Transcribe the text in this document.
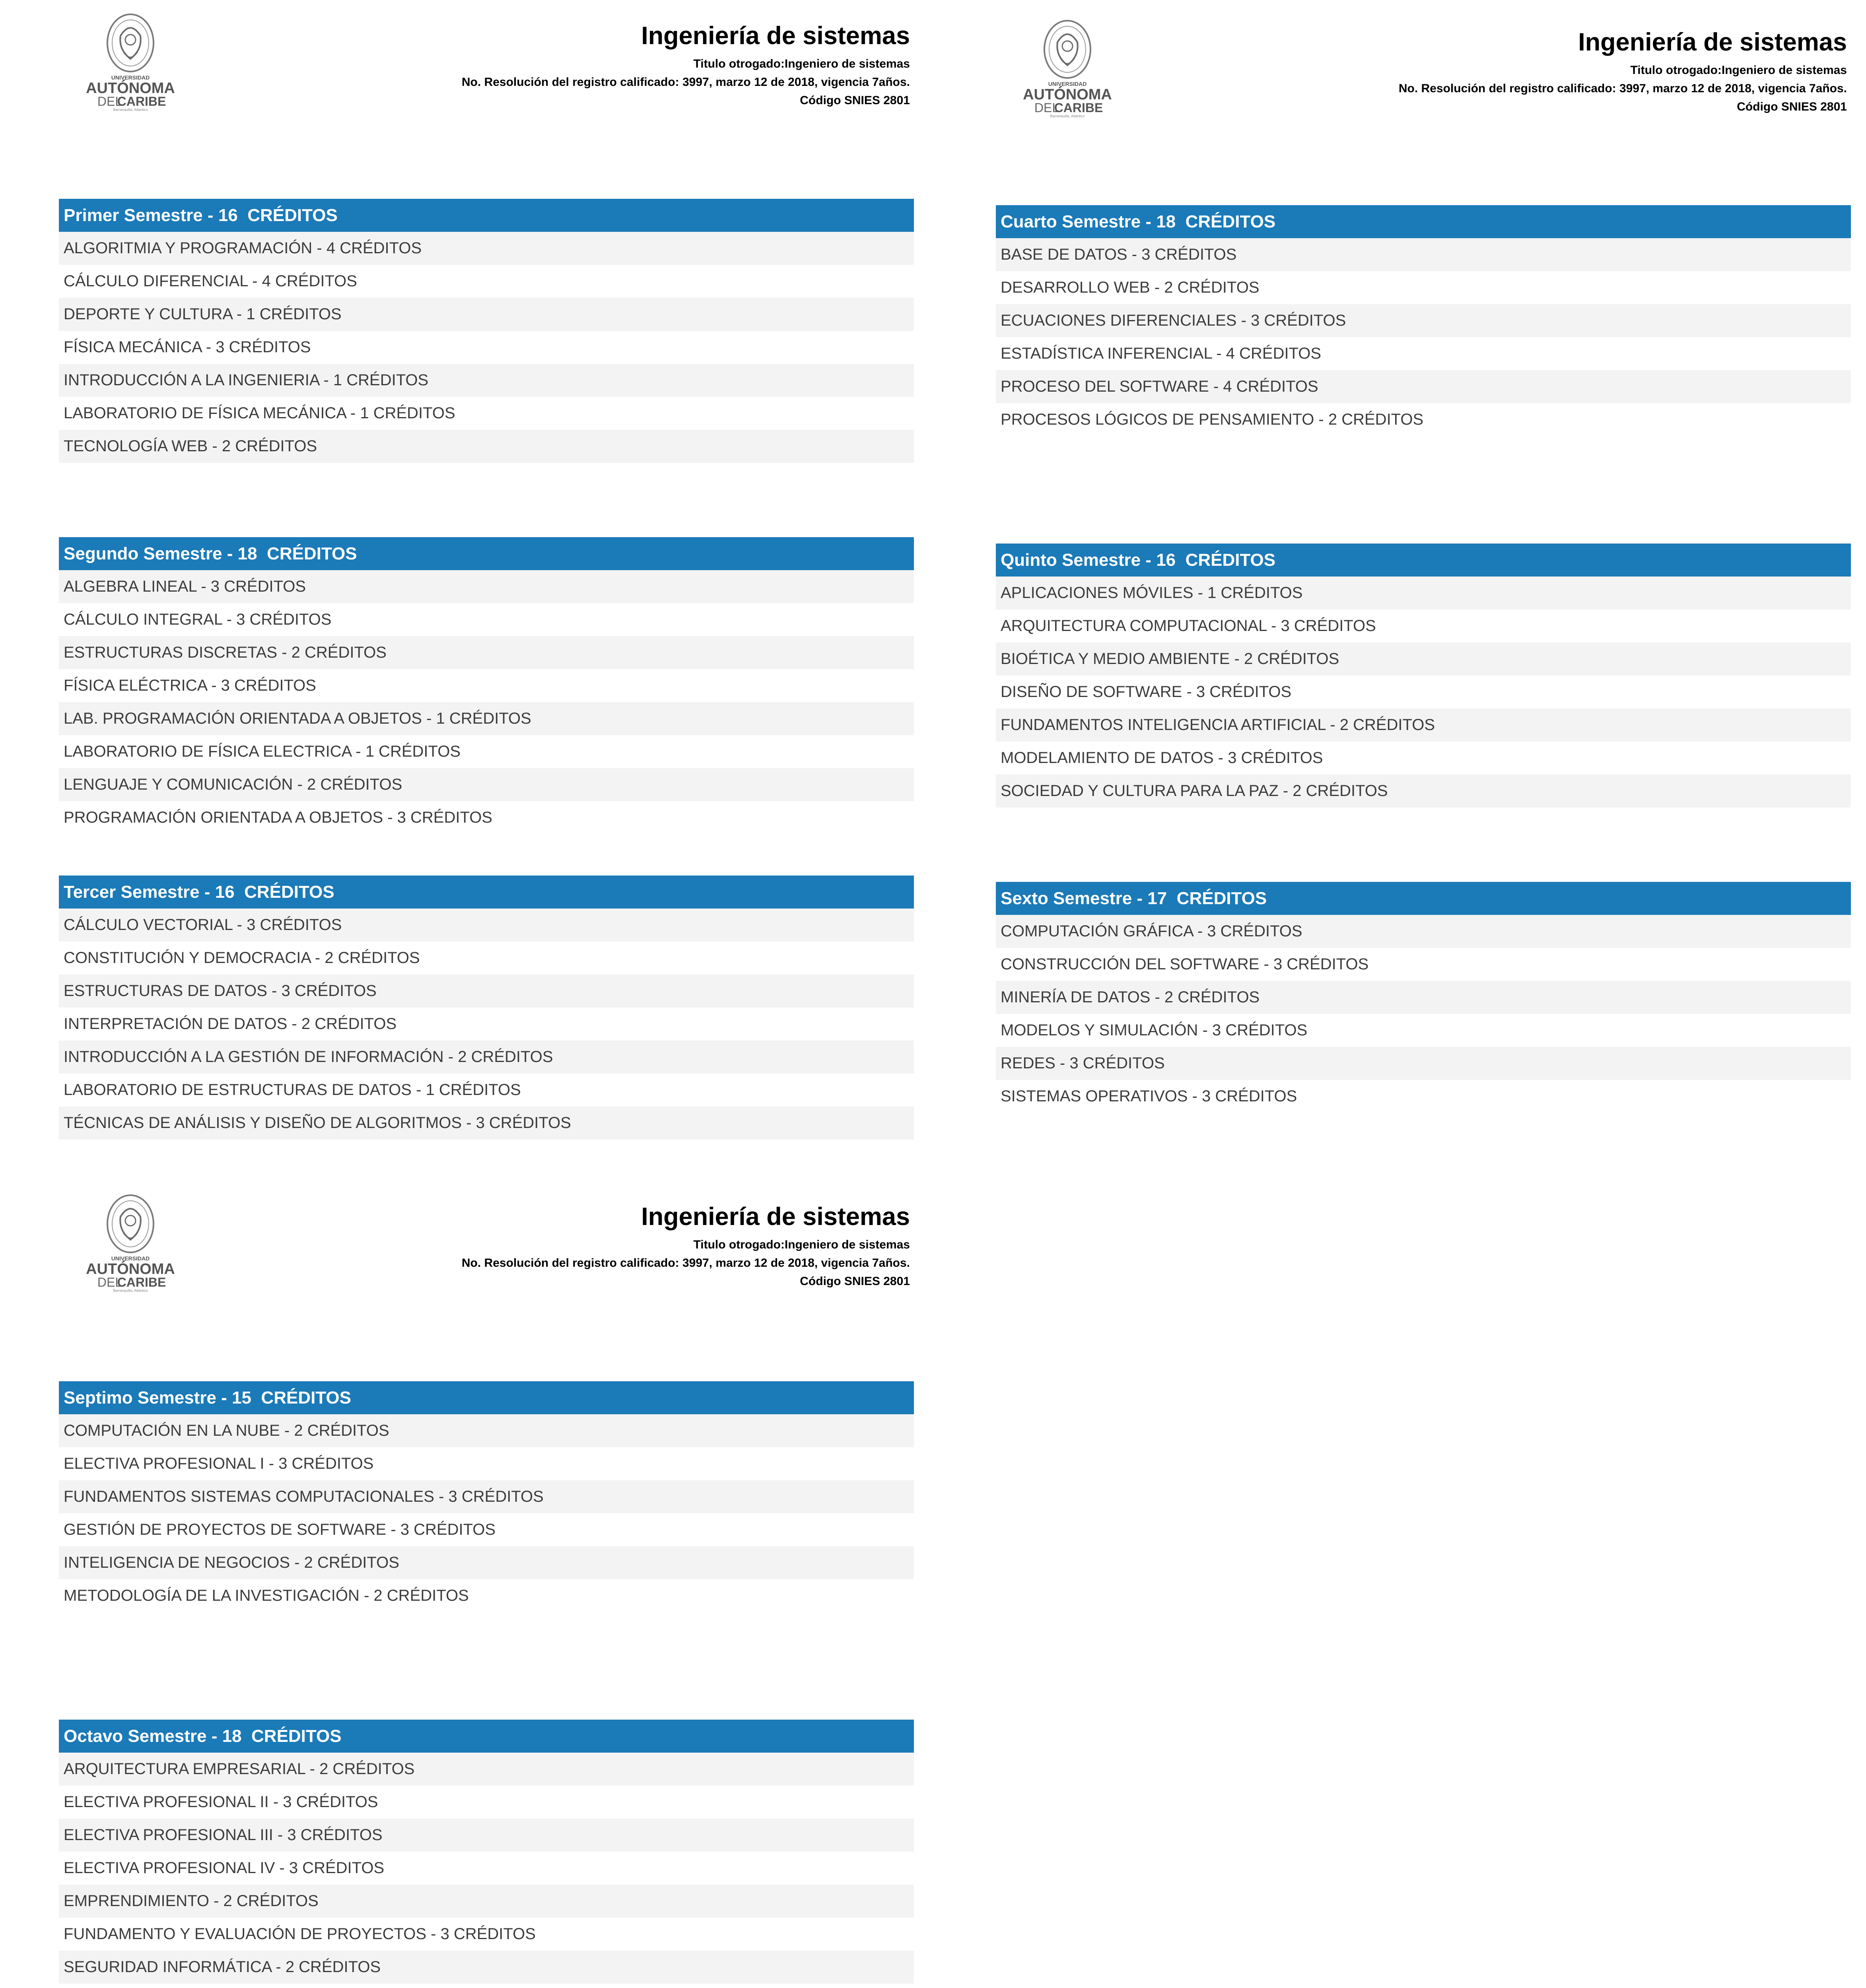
UNIVERSIDAD
AUTÓNOMA
DEL
CARIBE
Barranquilla, Atlántico
Ingeniería de sistemas
Titulo otrogado:Ingeniero de sistemas
No. Resolución del registro calificado: 3997, marzo 12 de 2018, vigencia 7años.
Código SNIES 2801
Primer Semestre - 16  CRÉDITOS
ALGORITMIA Y PROGRAMACIÓN - 4 CRÉDITOS
CÁLCULO DIFERENCIAL - 4 CRÉDITOS
DEPORTE Y CULTURA - 1 CRÉDITOS
FÍSICA MECÁNICA - 3 CRÉDITOS
INTRODUCCIÓN A LA INGENIERIA - 1 CRÉDITOS
LABORATORIO DE FÍSICA MECÁNICA - 1 CRÉDITOS
TECNOLOGÍA WEB - 2 CRÉDITOS
Segundo Semestre - 18  CRÉDITOS
ALGEBRA LINEAL - 3 CRÉDITOS
CÁLCULO INTEGRAL - 3 CRÉDITOS
ESTRUCTURAS DISCRETAS - 2 CRÉDITOS
FÍSICA ELÉCTRICA - 3 CRÉDITOS
LAB. PROGRAMACIÓN ORIENTADA A OBJETOS - 1 CRÉDITOS
LABORATORIO DE FÍSICA ELECTRICA - 1 CRÉDITOS
LENGUAJE Y COMUNICACIÓN - 2 CRÉDITOS
PROGRAMACIÓN ORIENTADA A OBJETOS - 3 CRÉDITOS
Tercer Semestre - 16  CRÉDITOS
CÁLCULO VECTORIAL - 3 CRÉDITOS
CONSTITUCIÓN Y DEMOCRACIA - 2 CRÉDITOS
ESTRUCTURAS DE DATOS - 3 CRÉDITOS
INTERPRETACIÓN DE DATOS - 2 CRÉDITOS
INTRODUCCIÓN A LA GESTIÓN DE INFORMACIÓN - 2 CRÉDITOS
LABORATORIO DE ESTRUCTURAS DE DATOS - 1 CRÉDITOS
TÉCNICAS DE ANÁLISIS Y DISEÑO DE ALGORITMOS - 3 CRÉDITOS
UNIVERSIDAD
AUTÓNOMA
DEL
CARIBE
Barranquilla, Atlántico
Ingeniería de sistemas
Titulo otrogado:Ingeniero de sistemas
No. Resolución del registro calificado: 3997, marzo 12 de 2018, vigencia 7años.
Código SNIES 2801
Cuarto Semestre - 18  CRÉDITOS
BASE DE DATOS - 3 CRÉDITOS
DESARROLLO WEB - 2 CRÉDITOS
ECUACIONES DIFERENCIALES - 3 CRÉDITOS
ESTADÍSTICA INFERENCIAL - 4 CRÉDITOS
PROCESO DEL SOFTWARE - 4 CRÉDITOS
PROCESOS LÓGICOS DE PENSAMIENTO - 2 CRÉDITOS
Quinto Semestre - 16  CRÉDITOS
APLICACIONES MÓVILES - 1 CRÉDITOS
ARQUITECTURA COMPUTACIONAL - 3 CRÉDITOS
BIOÉTICA Y MEDIO AMBIENTE - 2 CRÉDITOS
DISEÑO DE SOFTWARE - 3 CRÉDITOS
FUNDAMENTOS INTELIGENCIA ARTIFICIAL - 2 CRÉDITOS
MODELAMIENTO DE DATOS - 3 CRÉDITOS
SOCIEDAD Y CULTURA PARA LA PAZ - 2 CRÉDITOS
Sexto Semestre - 17  CRÉDITOS
COMPUTACIÓN GRÁFICA - 3 CRÉDITOS
CONSTRUCCIÓN DEL SOFTWARE - 3 CRÉDITOS
MINERÍA DE DATOS - 2 CRÉDITOS
MODELOS Y SIMULACIÓN - 3 CRÉDITOS
REDES - 3 CRÉDITOS
SISTEMAS OPERATIVOS - 3 CRÉDITOS
UNIVERSIDAD
AUTÓNOMA
DEL
CARIBE
Barranquilla, Atlántico
Ingeniería de sistemas
Titulo otrogado:Ingeniero de sistemas
No. Resolución del registro calificado: 3997, marzo 12 de 2018, vigencia 7años.
Código SNIES 2801
Septimo Semestre - 15  CRÉDITOS
COMPUTACIÓN EN LA NUBE - 2 CRÉDITOS
ELECTIVA PROFESIONAL I - 3 CRÉDITOS
FUNDAMENTOS SISTEMAS COMPUTACIONALES - 3 CRÉDITOS
GESTIÓN DE PROYECTOS DE SOFTWARE - 3 CRÉDITOS
INTELIGENCIA DE NEGOCIOS - 2 CRÉDITOS
METODOLOGÍA DE LA INVESTIGACIÓN - 2 CRÉDITOS
Octavo Semestre - 18  CRÉDITOS
ARQUITECTURA EMPRESARIAL - 2 CRÉDITOS
ELECTIVA PROFESIONAL II - 3 CRÉDITOS
ELECTIVA PROFESIONAL III - 3 CRÉDITOS
ELECTIVA PROFESIONAL IV - 3 CRÉDITOS
EMPRENDIMIENTO - 2 CRÉDITOS
FUNDAMENTO Y EVALUACIÓN DE PROYECTOS - 3 CRÉDITOS
SEGURIDAD INFORMÁTICA - 2 CRÉDITOS
